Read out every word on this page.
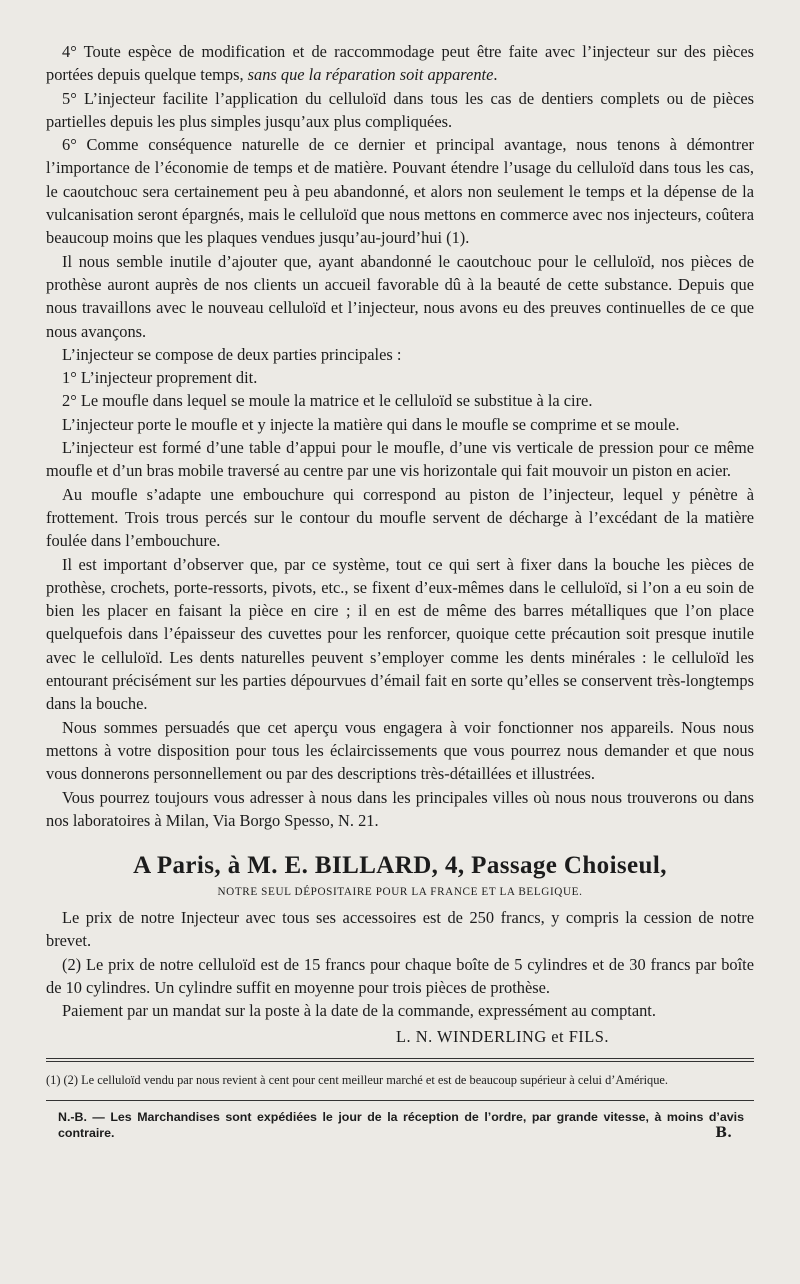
4° Toute espèce de modification et de raccommodage peut être faite avec l’injecteur sur des pièces portées depuis quelque temps, sans que la réparation soit apparente.

5° L’injecteur facilite l’application du celluloïd dans tous les cas de dentiers complets ou de pièces partielles depuis les plus simples jusqu’aux plus compliquées.

6° Comme conséquence naturelle de ce dernier et principal avantage, nous tenons à démontrer l’importance de l’économie de temps et de matière. Pouvant étendre l’usage du celluloïd dans tous les cas, le caoutchouc sera certainement peu à peu abandonné, et alors non seulement le temps et la dépense de la vulcanisation seront épargnés, mais le celluloïd que nous mettons en commerce avec nos injecteurs, coûtera beaucoup moins que les plaques vendues jusqu’au-jourd’hui (1).

Il nous semble inutile d’ajouter que, ayant abandonné le caoutchouc pour le celluloïd, nos pièces de prothèse auront auprès de nos clients un accueil favorable dû à la beauté de cette substance. Depuis que nous travaillons avec le nouveau celluloïd et l’injecteur, nous avons eu des preuves continuelles de ce que nous avançons.

L’injecteur se compose de deux parties principales :

1° L’injecteur proprement dit.

2° Le moufle dans lequel se moule la matrice et le celluloïd se substitue à la cire.

L’injecteur porte le moufle et y injecte la matière qui dans le moufle se comprime et se moule.

L’injecteur est formé d’une table d’appui pour le moufle, d’une vis verticale de pression pour ce même moufle et d’un bras mobile traversé au centre par une vis horizontale qui fait mouvoir un piston en acier.

Au moufle s’adapte une embouchure qui correspond au piston de l’injecteur, lequel y pénètre à frottement. Trois trous percés sur le contour du moufle servent de décharge à l’excédant de la matière foulée dans l’embouchure.

Il est important d’observer que, par ce système, tout ce qui sert à fixer dans la bouche les pièces de prothèse, crochets, porte-ressorts, pivots, etc., se fixent d’eux-mêmes dans le celluloïd, si l’on a eu soin de bien les placer en faisant la pièce en cire ; il en est de même des barres métalliques que l’on place quelquefois dans l’épaisseur des cuvettes pour les renforcer, quoique cette précaution soit presque inutile avec le celluloïd. Les dents naturelles peuvent s’employer comme les dents minérales : le celluloïd les entourant précisément sur les parties dépourvues d’émail fait en sorte qu’elles se conservent très-longtemps dans la bouche.

Nous sommes persuadés que cet aperçu vous engagera à voir fonctionner nos appareils. Nous nous mettons à votre disposition pour tous les éclaircissements que vous pourrez nous demander et que nous vous donnerons personnellement ou par des descriptions très-détaillées et illustrées.

Vous pourrez toujours vous adresser à nous dans les principales villes où nous nous trouverons ou dans nos laboratoires à Milan, Via Borgo Spesso, N. 21.

A Paris, à M. E. BILLARD, 4, Passage Choiseul,
NOTRE SEUL DÉPOSITAIRE POUR LA FRANCE ET LA BELGIQUE.

Le prix de notre Injecteur avec tous ses accessoires est de 250 francs, y compris la cession de notre brevet.

(2) Le prix de notre celluloïd est de 15 francs pour chaque boîte de 5 cylindres et de 30 francs par boîte de 10 cylindres. Un cylindre suffit en moyenne pour trois pièces de prothèse.

Paiement par un mandat sur la poste à la date de la commande, expressément au comptant.

L. N. WINDERLING et FILS.

(1) (2) Le celluloïd vendu par nous revient à cent pour cent meilleur marché et est de beaucoup supérieur à celui d’Amérique.
N.-B. — Les Marchandises sont expédiées le jour de la réception de l’ordre, par grande vitesse, à moins d’avis contraire.	B.
